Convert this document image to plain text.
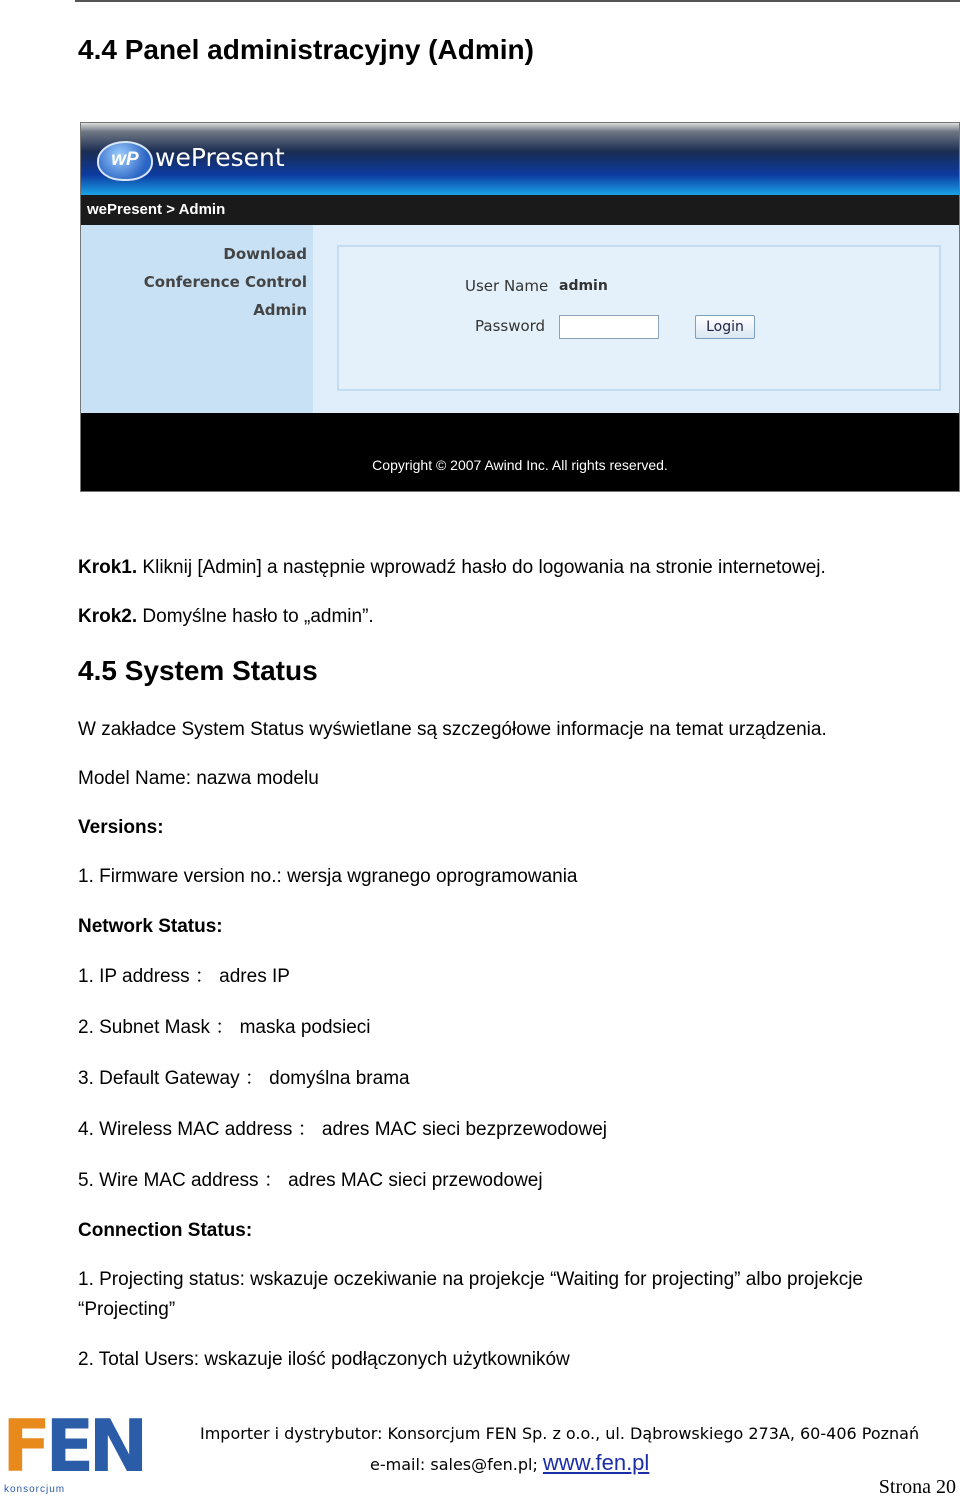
4.4 Panel administracyjny (Admin)
wP wePresent
wePresent > Admin
Download
Conference Control
Admin
User Name admin
Password	Login
Copyright © 2007 Awind Inc. All rights reserved.

Krok1. Kliknij [Admin] a następnie wprowadź hasło do logowania na stronie internetowej.

Krok2. Domyślne hasło to „admin”.

4.5 System Status

W zakładce System Status wyświetlane są szczegółowe informacje na temat urządzenia.

Model Name: nazwa modelu

Versions:

1. Firmware version no.: wersja wgranego oprogramowania

Network Status:

1. IP address ： adres IP

2. Subnet Mask ： maska podsieci

3. Default Gateway ： domyślna brama

4. Wireless MAC address ： adres MAC sieci bezprzewodowej

5. Wire MAC address ： adres MAC sieci przewodowej

Connection Status:

1. Projecting status: wskazuje oczekiwanie na projekcje “Waiting for projecting” albo projekcje “Projecting”

2. Total Users: wskazuje ilość podłączonych użytkowników

FEN
konsorcjum
Importer i dystrybutor: Konsorcjum FEN Sp. z o.o., ul. Dąbrowskiego 273A, 60-406 Poznań
e-mail: sales@fen.pl; www.fen.pl
Strona 20
